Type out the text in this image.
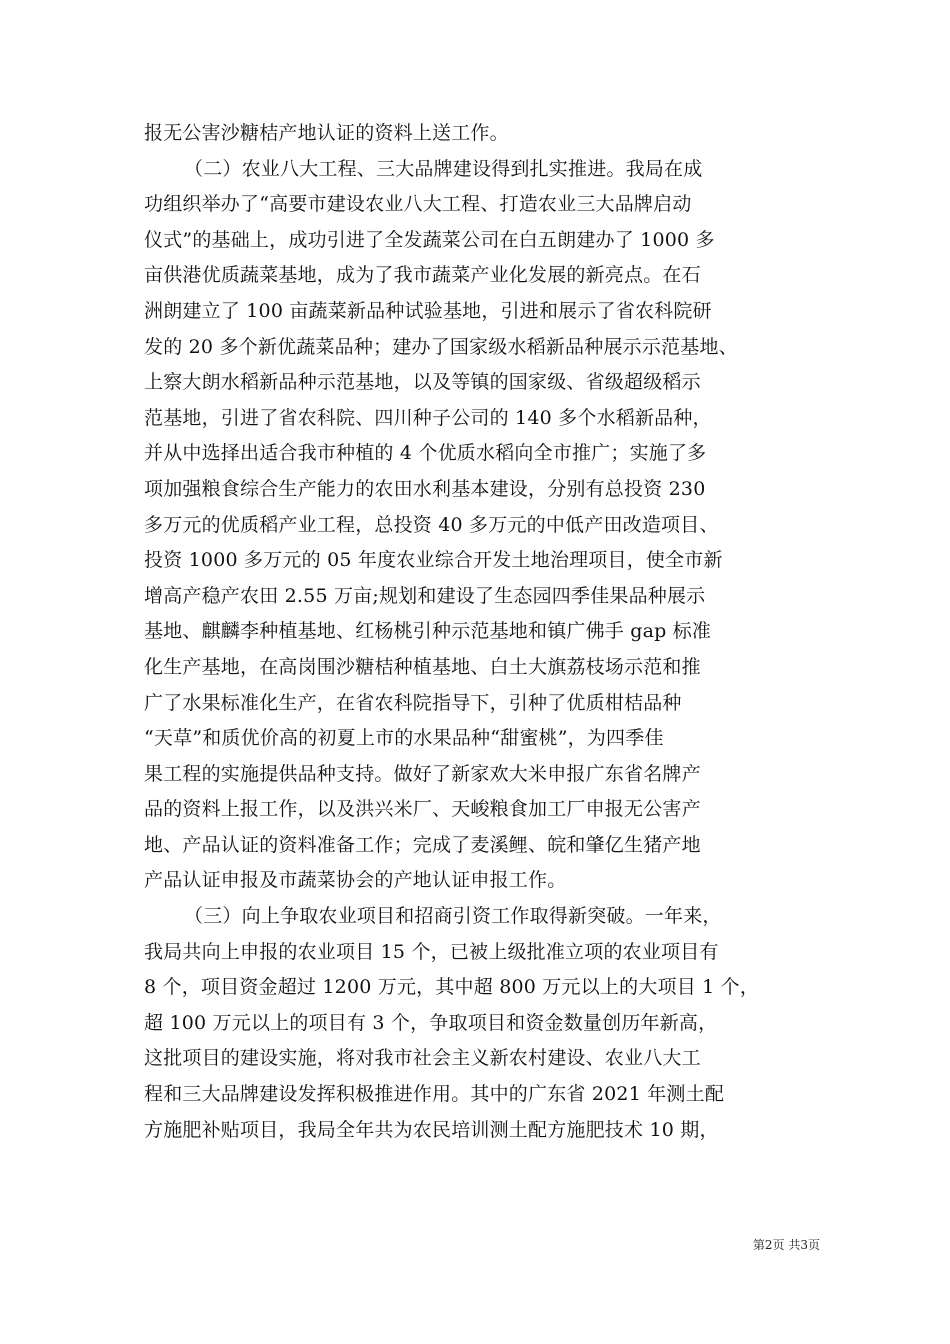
报无公害沙糖桔产地认证的资料上送工作。
（二）农业八大工程、三大品牌建设得到扎实推进。我局在成
功组织举办了“高要市建设农业八大工程、打造农业三大品牌启动
仪式”的基础上，成功引进了全发蔬菜公司在白五朗建办了 1000 多
亩供港优质蔬菜基地，成为了我市蔬菜产业化发展的新亮点。在石
洲朗建立了 100 亩蔬菜新品种试验基地，引进和展示了省农科院研
发的 20 多个新优蔬菜品种；建办了国家级水稻新品种展示示范基地、
上察大朗水稻新品种示范基地，以及等镇的国家级、省级超级稻示
范基地，引进了省农科院、四川种子公司的 140 多个水稻新品种，
并从中选择出适合我市种植的 4 个优质水稻向全市推广；实施了多
项加强粮食综合生产能力的农田水利基本建设，分别有总投资 230
多万元的优质稻产业工程，总投资 40 多万元的中低产田改造项目、
投资 1000 多万元的 05 年度农业综合开发土地治理项目，使全市新
增高产稳产农田 2.55 万亩;规划和建设了生态园四季佳果品种展示
基地、麒麟李种植基地、红杨桃引种示范基地和镇广佛手 gap 标准
化生产基地，在高岗围沙糖桔种植基地、白土大旗荔枝场示范和推
广了水果标准化生产，在省农科院指导下，引种了优质柑桔品种
“天草”和质优价高的初夏上市的水果品种“甜蜜桃”，为四季佳
果工程的实施提供品种支持。做好了新家欢大米申报广东省名牌产
品的资料上报工作，以及洪兴米厂、天峻粮食加工厂申报无公害产
地、产品认证的资料准备工作；完成了麦溪鲤、皖和肇亿生猪产地
产品认证申报及市蔬菜协会的产地认证申报工作。
（三）向上争取农业项目和招商引资工作取得新突破。一年来，
我局共向上申报的农业项目 15 个，已被上级批准立项的农业项目有
8 个，项目资金超过 1200 万元，其中超 800 万元以上的大项目 1 个，
超 100 万元以上的项目有 3 个，争取项目和资金数量创历年新高，
这批项目的建设实施，将对我市社会主义新农村建设、农业八大工
程和三大品牌建设发挥积极推进作用。其中的广东省 2021 年测土配
方施肥补贴项目，我局全年共为农民培训测土配方施肥技术 10 期，
第2页 共3页
